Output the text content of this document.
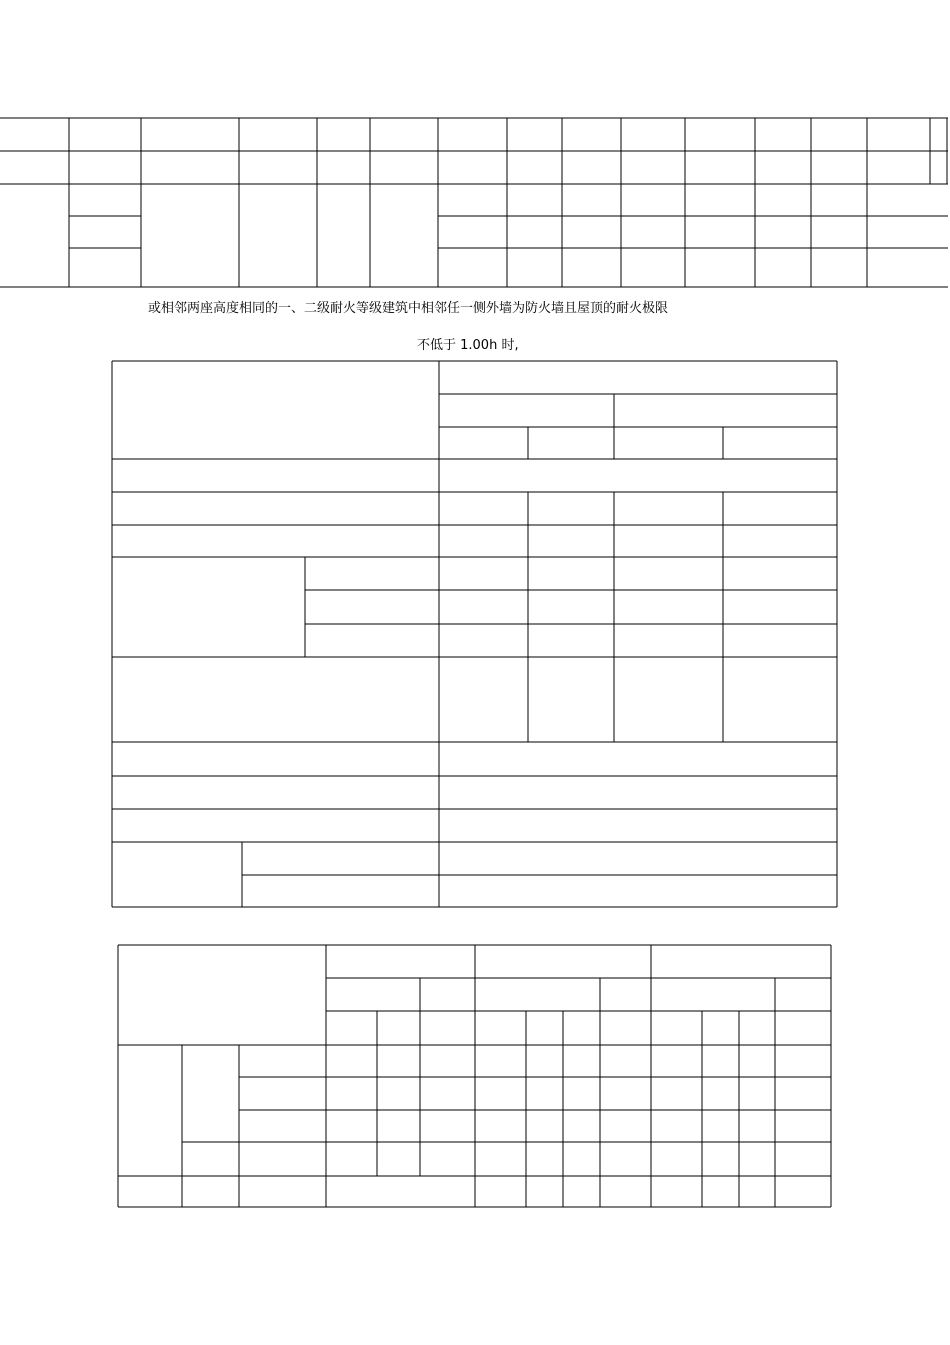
或相邻两座高度相同的一、二级耐火等级建筑中相邻任一侧外墙为防火墙且屋顶的耐火极限
不低于 1.00h 时,
